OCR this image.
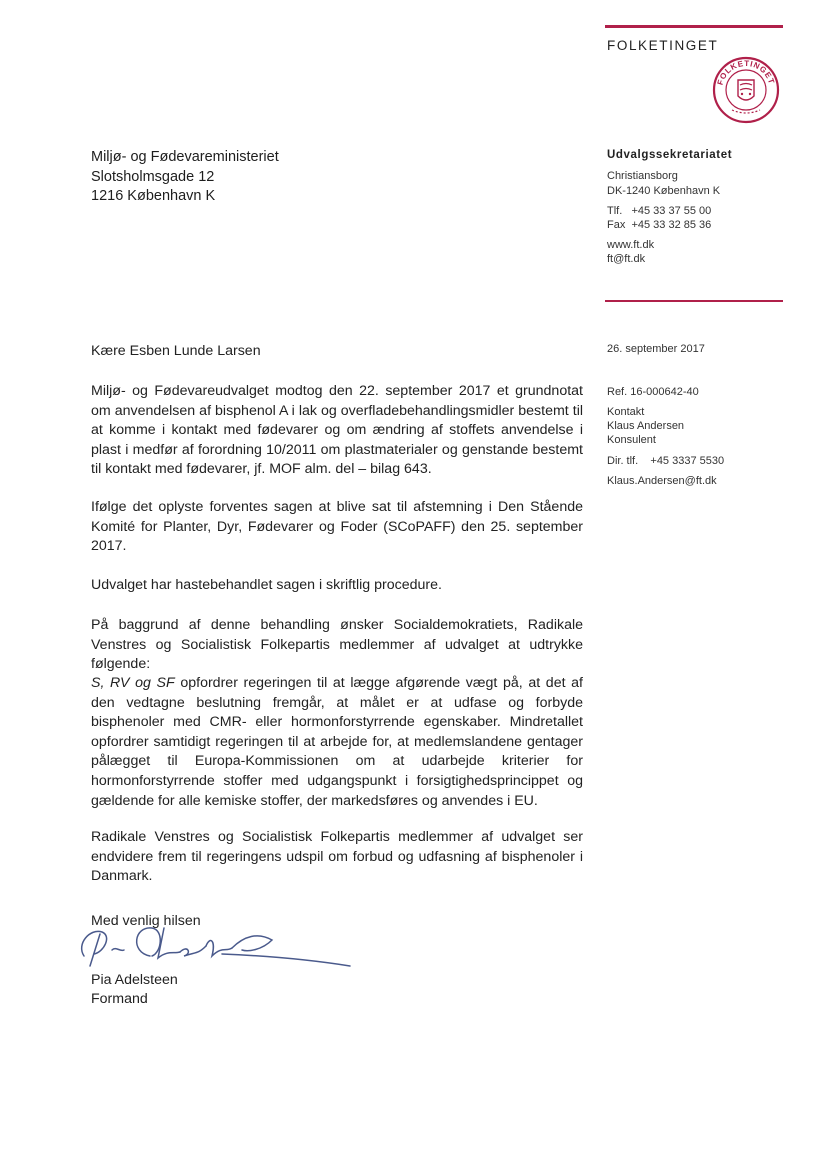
FOLKETINGET
FOLKETINGET
Miljø- og Fødevareministeriet
Slotsholmsgade 12
1216 København K
Udvalgssekretariatet
Christiansborg
DK-1240 København K
Tlf.   +45 33 37 55 00
Fax  +45 33 32 85 36
www.ft.dk
ft@ft.dk
26. september 2017
Ref. 16-000642-40
Kontakt
Klaus Andersen
Konsulent
Dir. tlf.    +45 3337 5530
Klaus.Andersen@ft.dk
Kære Esben Lunde Larsen
Miljø- og Fødevareudvalget modtog den 22. september 2017 et grundnotat om anvendelsen af bisphenol A i lak og overfladebehandlingsmidler bestemt til at komme i kontakt med fødevarer og om ændring af stoffets anvendelse i plast i medfør af forordning 10/2011 om plastmaterialer og genstande bestemt til kontakt med fødevarer, jf. MOF alm. del – bilag 643.
Ifølge det oplyste forventes sagen at blive sat til afstemning i Den Stående Komité for Planter, Dyr, Fødevarer og Foder (SCoPAFF) den 25. september 2017.
Udvalget har hastebehandlet sagen i skriftlig procedure.
På baggrund af denne behandling ønsker Socialdemokratiets, Radikale Venstres og Socialistisk Folkepartis medlemmer af udvalget at udtrykke følgende:
S, RV og SF opfordrer regeringen til at lægge afgørende vægt på, at det af den vedtagne beslutning fremgår, at målet er at udfase og forbyde bisphenoler med CMR- eller hormonforstyrrende egenskaber. Mindretallet opfordrer samtidigt regeringen til at arbejde for, at medlemslandene gentager pålægget til Europa-Kommissionen om at udarbejde kriterier for hormonforstyrrende stoffer med udgangspunkt i forsigtighedsprincippet og gældende for alle kemiske stoffer, der markedsføres og anvendes i EU.
Radikale Venstres og Socialistisk Folkepartis medlemmer af udvalget ser endvidere frem til regeringens udspil om forbud og udfasning af bisphenoler i Danmark.
Med venlig hilsen
Pia Adelsteen
Formand
